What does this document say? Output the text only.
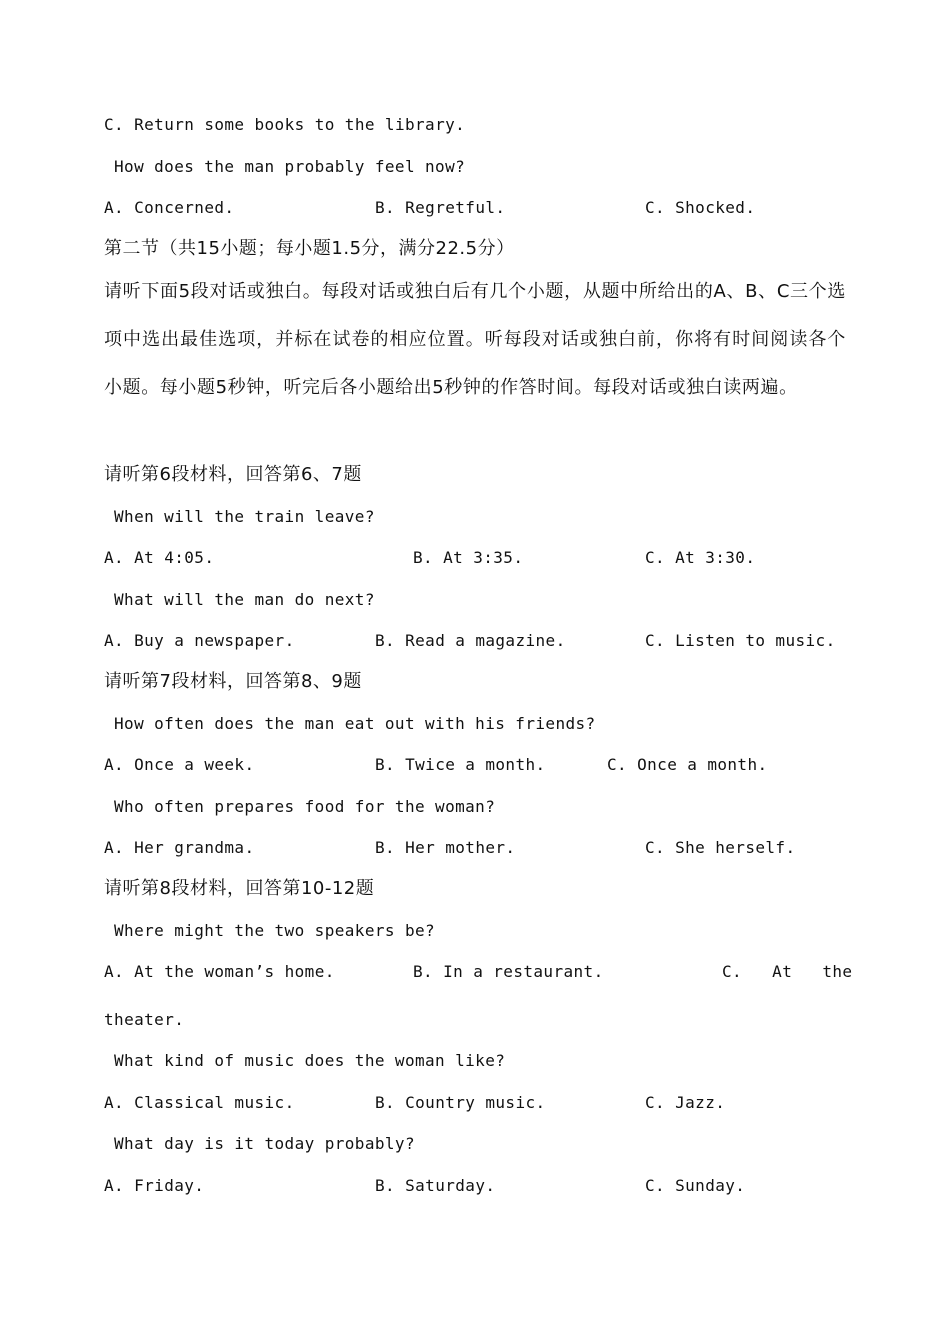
C. Return some books to the library.
How does the man probably feel now?
A. Concerned.	B. Regretful.	C. Shocked.
第二节（共15小题；每小题1.5分，满分22.5分）
请听下面5段对话或独白。每段对话或独白后有几个小题，从题中所给出的A、B、C三个选项中选出最佳选项，并标在试卷的相应位置。听每段对话或独白前，你将有时间阅读各个小题。每小题5秒钟，听完后各小题给出5秒钟的作答时间。每段对话或独白读两遍。
请听第6段材料，回答第6、7题
When will the train leave?
A. At 4:05.	B. At 3:35.	C. At 3:30.
What will the man do next?
A. Buy a newspaper.	B. Read a magazine.	C. Listen to music.
请听第7段材料，回答第8、9题
How often does the man eat out with his friends?
A. Once a week.	B. Twice a month.	C. Once a month.
Who often prepares food for the woman?
A. Her grandma.	B. Her mother.	C. She herself.
请听第8段材料，回答第10-12题
Where might the two speakers be?
A. At the woman’s home.	B. In a restaurant.	C.   At   the
theater.
What kind of music does the woman like?
A. Classical music.	B. Country music.	C. Jazz.
What day is it today probably?
A. Friday.	B. Saturday.	C. Sunday.
